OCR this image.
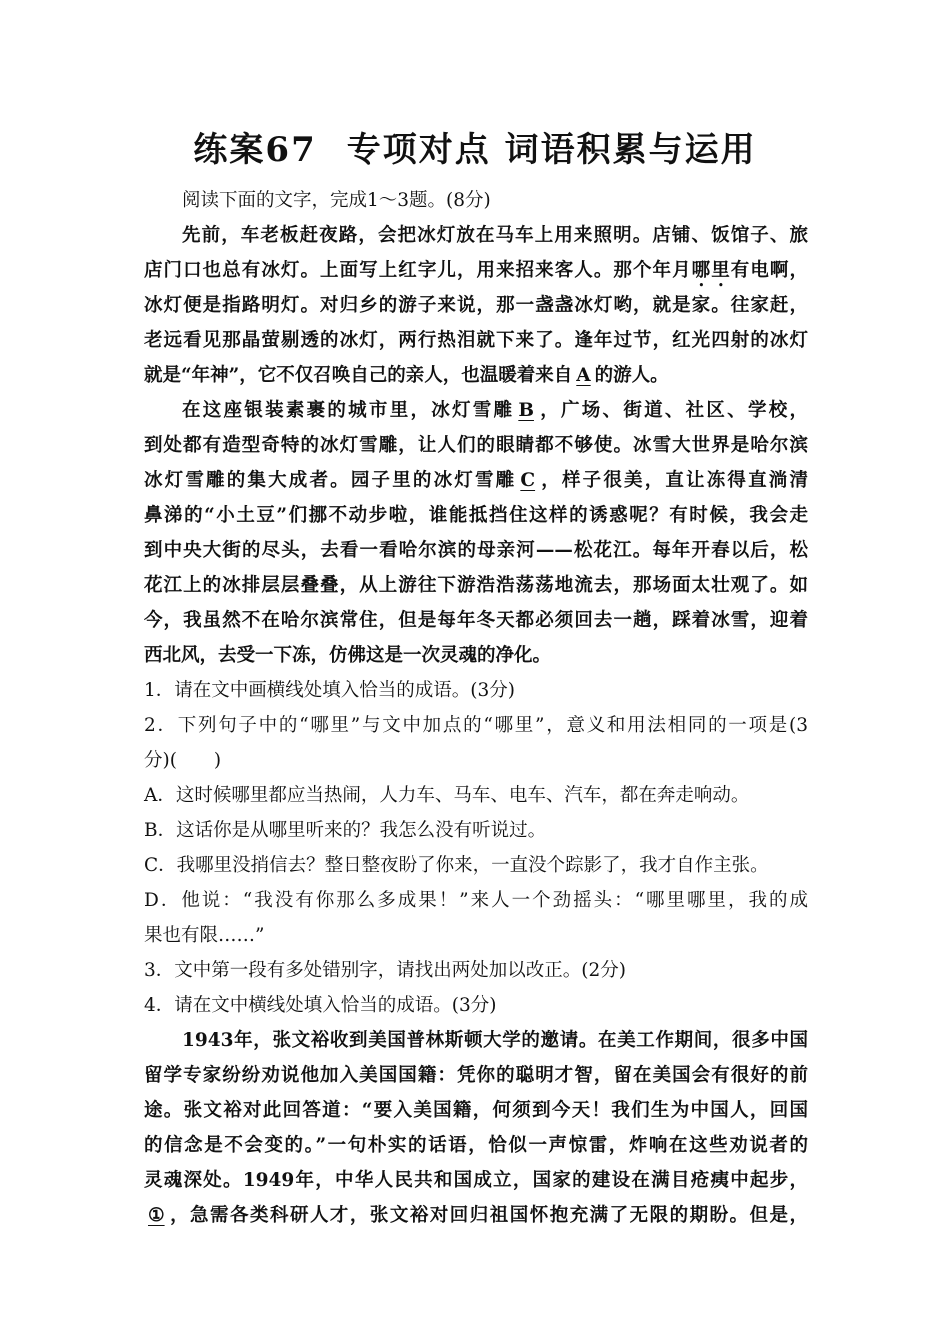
练案67 专项对点 词语积累与运用
阅读下面的文字，完成1～3题。(8分)
先前，车老板赶夜路，会把冰灯放在马车上用来照明。店铺、饭馆子、旅
店门口也总有冰灯。上面写上红字儿，用来招来客人。那个年月哪里有电啊，
冰灯便是指路明灯。对归乡的游子来说，那一盏盏冰灯哟，就是家。往家赶，
老远看见那晶萤剔透的冰灯，两行热泪就下来了。逢年过节，红光四射的冰灯
就是“年神”，它不仅召唤自己的亲人，也温暖着来自 A 的游人。
在这座银装素裹的城市里，冰灯雪雕 B ，广场、街道、社区、学校，
到处都有造型奇特的冰灯雪雕，让人们的眼睛都不够使。冰雪大世界是哈尔滨
冰灯雪雕的集大成者。园子里的冰灯雪雕 C ，样子很美，直让冻得直淌清
鼻涕的“小土豆”们挪不动步啦，谁能抵挡住这样的诱惑呢？有时候，我会走
到中央大街的尽头，去看一看哈尔滨的母亲河——松花江。每年开春以后，松
花江上的冰排层层叠叠，从上游往下游浩浩荡荡地流去，那场面太壮观了。如
今，我虽然不在哈尔滨常住，但是每年冬天都必须回去一趟，踩着冰雪，迎着
西北风，去受一下冻，仿佛这是一次灵魂的净化。
1．请在文中画横线处填入恰当的成语。(3分)
2．下列句子中的“哪里”与文中加点的“哪里”，意义和用法相同的一项是(3
分)(　　)
A．这时候哪里都应当热闹，人力车、马车、电车、汽车，都在奔走响动。
B．这话你是从哪里听来的？我怎么没有听说过。
C．我哪里没捎信去？整日整夜盼了你来，一直没个踪影了，我才自作主张。
D．他说：“我没有你那么多成果！”来人一个劲摇头：“哪里哪里，我的成
果也有限……”
3．文中第一段有多处错别字，请找出两处加以改正。(2分)
4．请在文中横线处填入恰当的成语。(3分)
1943年，张文裕收到美国普林斯顿大学的邀请。在美工作期间，很多中国
留学专家纷纷劝说他加入美国国籍：凭你的聪明才智，留在美国会有很好的前
途。张文裕对此回答道：“要入美国籍，何须到今天！我们生为中国人，回国
的信念是不会变的。”一句朴实的话语，恰似一声惊雷，炸响在这些劝说者的
灵魂深处。1949年，中华人民共和国成立，国家的建设在满目疮痍中起步，
① ，急需各类科研人才，张文裕对回归祖国怀抱充满了无限的期盼。但是，
